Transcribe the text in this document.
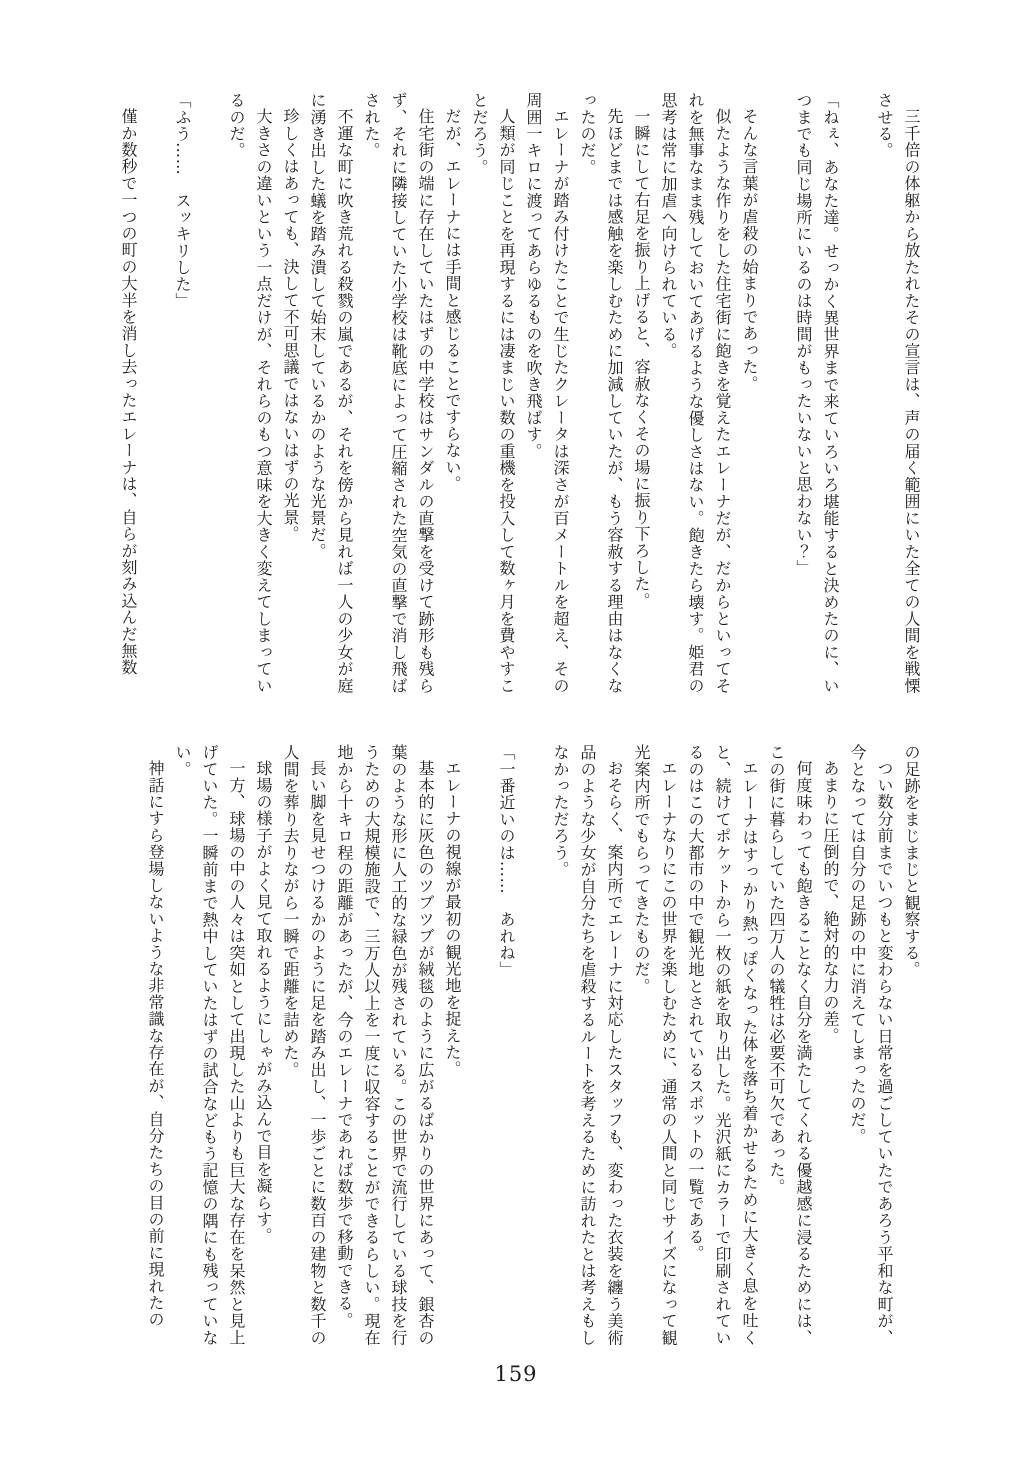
三千倍の体躯から放たれたその宣言は、声の届く範囲にいた全ての人間を戦慄させる。

「ねぇ、あなた達。せっかく異世界まで来ていろいろ堪能すると決めたのに、いつまでも同じ場所にいるのは時間がもったいないと思わない？」

そんな言葉が虐殺の始まりであった。

似たような作りをした住宅街に飽きを覚えたエレーナだが、だからといってそれを無事なまま残しておいてあげるような優しさはない。飽きたら壊す。姫君の思考は常に加虐へ向けられている。

一瞬にして右足を振り上げると、容赦なくその場に振り下ろした。

先ほどまでは感触を楽しむために加減していたが、もう容赦する理由はなくなったのだ。

エレーナが踏み付けたことで生じたクレータは深さが百メートルを超え、その周囲一キロに渡ってあらゆるものを吹き飛ばす。

人類が同じことを再現するには凄まじい数の重機を投入して数ヶ月を費やすことだろう。

だが、エレーナには手間と感じることですらない。

住宅街の端に存在していたはずの中学校はサンダルの直撃を受けて跡形も残らず、それに隣接していた小学校は靴底によって圧縮された空気の直撃で消し飛ばされた。

不運な町に吹き荒れる殺戮の嵐であるが、それを傍から見れば一人の少女が庭に湧き出した蟻を踏み潰して始末しているかのような光景だ。

珍しくはあっても、決して不可思議ではないはずの光景。

大きさの違いという一点だけが、それらのもつ意味を大きく変えてしまっているのだ。

「ふう……　スッキリした」

僅か数秒で一つの町の大半を消し去ったエレーナは、自らが刻み込んだ無数

の足跡をまじまじと観察する。

つい数分前までいつもと変わらない日常を過ごしていたであろう平和な町が、今となっては自分の足跡の中に消えてしまったのだ。

あまりに圧倒的で、絶対的な力の差。

何度味わっても飽きることなく自分を満たしてくれる優越感に浸るためには、この街に暮らしていた四万人の犠牲は必要不可欠であった。

エレーナはすっかり熱っぽくなった体を落ち着かせるために大きく息を吐くと、続けてポケットから一枚の紙を取り出した。光沢紙にカラーで印刷されているのはこの大都市の中で観光地とされているスポットの一覧である。

エレーナなりにこの世界を楽しむために、通常の人間と同じサイズになって観光案内所でもらってきたものだ。

おそらく、案内所でエレーナに対応したスタッフも、変わった衣装を纏う美術品のような少女が自分たちを虐殺するルートを考えるために訪れたとは考えもしなかっただろう。

「一番近いのは……　あれね」

エレーナの視線が最初の観光地を捉えた。

基本的に灰色のツブツブが絨毯のように広がるばかりの世界にあって、銀杏の葉のような形に人工的な緑色が残されている。この世界で流行している球技を行うための大規模施設で、三万人以上を一度に収容することができるらしい。現在地から十キロ程の距離があったが、今のエレーナであれば数歩で移動できる。

長い脚を見せつけるかのように足を踏み出し、一歩ごとに数百の建物と数千の人間を葬り去りながら一瞬で距離を詰めた。

球場の様子がよく見て取れるようにしゃがみ込んで目を凝らす。

一方、球場の中の人々は突如として出現した山よりも巨大な存在を呆然と見上げていた。一瞬前まで熱中していたはずの試合などもう記憶の隅にも残っていない。

神話にすら登場しないような非常識な存在が、自分たちの目の前に現れたの

159
